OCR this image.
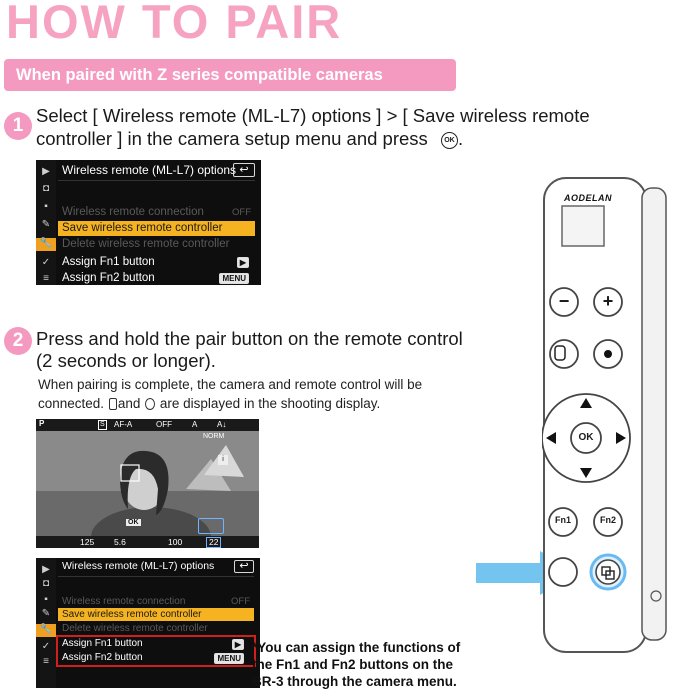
HOW TO PAIR
When paired with Z series compatible cameras
1 Select [ Wireless remote (ML-L7) options ] > [ Save wireless remote
controller ] in the camera setup menu and press OK .
▶
◘
▪
✎
🔧
✓
≡
Wireless remote (ML-L7) options ↩
Wireless remote connection	OFF
Save wireless remote controller
Delete wireless remote controller
Assign Fn1 button	▶
Assign Fn2 button	MENU
2 Press and hold the pair button on the remote control
(2 seconds or longer).
When pairing is complete, the camera and remote control will be
connected. and are displayed in the shooting display.
P	S AF-A	OFF	A A↓
NORM
i
OK
125 5.6	100	22
▶
◘
▪
✎
🔧
✓
≡
Wireless remote (ML-L7) options	↩
Wireless remote connection	OFF
Save wireless remote controller
Delete wireless remote controller
Assign Fn1 button	▶
Assign Fn2 button	MENU
*You can assign the functions of
the Fn1 and Fn2 buttons on the
BR-3 through the camera menu.
AODELAN
− +
OK
Fn1	Fn2
